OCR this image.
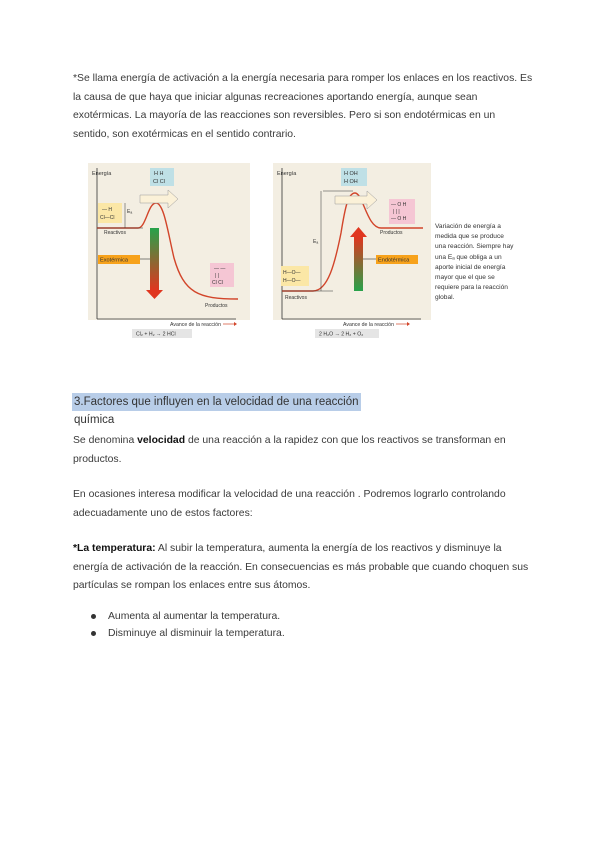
*Se llama energía de activación a la energía necesaria para romper los enlaces en los reactivos. Es la causa de que haya que iniciar algunas recreaciones aportando energía, aunque sean exotérmicas. La mayoría de las reacciones son reversibles. Pero si son endotérmicas en un sentido, son exotérmicas en el sentido contrario.
Energía	H H Cl Cl
— H Cl—Cl
Eₐ
Reactivos
Exotérmica
— — | | Cl Cl
Productos
Avance de la reacción
Cl₂ + H₂ → 2 HCl
Energía	H OH H OH
— O H | | | — O H
Productos
Eₐ
Endotérmica
H—O— H—O—
Reactivos
Avance de la reacción
2 H₂O → 2 H₂ + O₂
Variación de energía a medida que se produce una reacción. Siempre hay una Eₐ que obliga a un aporte inicial de energía mayor que el que se requiere para la reacción global.
3.Factores que influyen en la velocidad de una reacción química
Se denomina velocidad de una reacción a la rapidez con que los reactivos se transforman en productos.
En ocasiones interesa modificar la velocidad de una reacción . Podremos lograrlo controlando adecuadamente uno de estos factores:
*La temperatura: Al subir la temperatura, aumenta la energía de los reactivos y disminuye la energía de activación de la reacción. En consecuencias es más probable que cuando choquen sus partículas se rompan los enlaces entre sus átomos.
Aumenta al aumentar la temperatura.
Disminuye al disminuir la temperatura.
